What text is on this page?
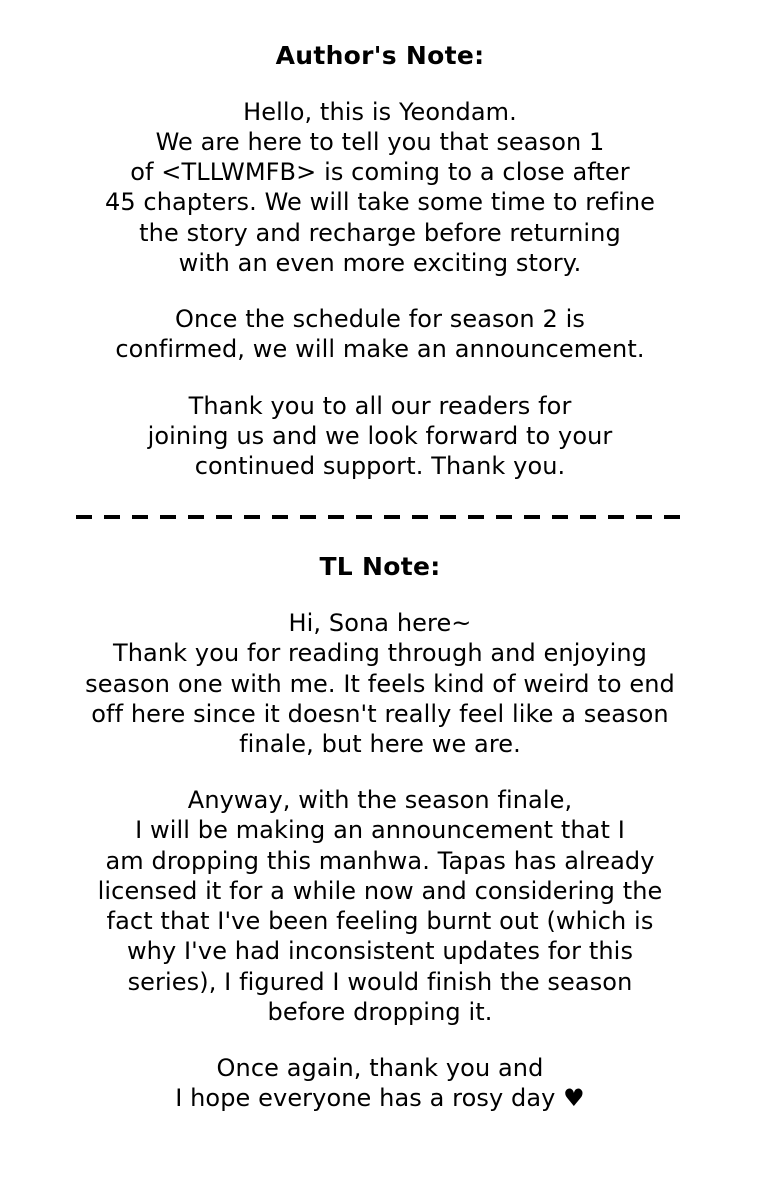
Author's Note:
Hello, this is Yeondam.
We are here to tell you that season 1
of <TLLWMFB> is coming to a close after
45 chapters. We will take some time to refine
the story and recharge before returning
with an even more exciting story.
Once the schedule for season 2 is
confirmed, we will make an announcement.
Thank you to all our readers for
joining us and we look forward to your
continued support. Thank you.
TL Note:
Hi, Sona here~
Thank you for reading through and enjoying
season one with me. It feels kind of weird to end
off here since it doesn't really feel like a season
finale, but here we are.
Anyway, with the season finale,
I will be making an announcement that I
am dropping this manhwa. Tapas has already
licensed it for a while now and considering the
fact that I've been feeling burnt out (which is
why I've had inconsistent updates for this
series), I figured I would finish the season
before dropping it.
Once again, thank you and
I hope everyone has a rosy day ♥
